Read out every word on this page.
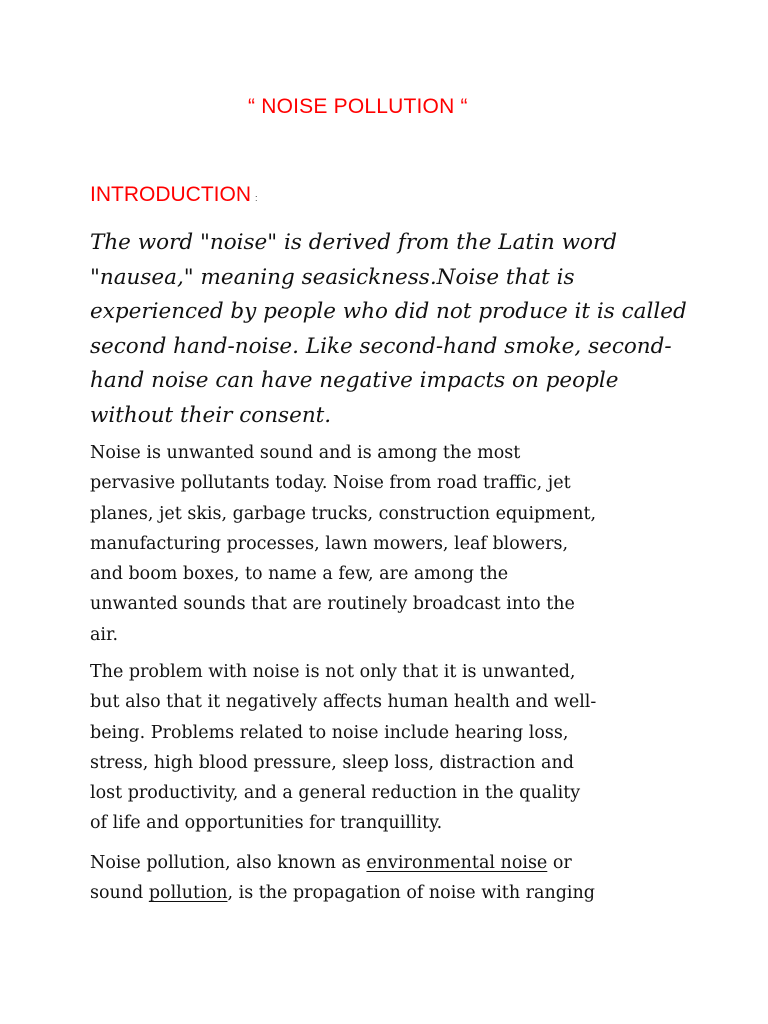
“ NOISE POLLUTION “
INTRODUCTION :

The word "noise" is derived from the Latin word
"nausea," meaning seasickness.Noise that is
experienced by people who did not produce it is called
second hand-noise. Like second-hand smoke, second-
hand noise can have negative impacts on people
without their consent.

Noise is unwanted sound and is among the most
pervasive pollutants today. Noise from road traffic, jet
planes, jet skis, garbage trucks, construction equipment,
manufacturing processes, lawn mowers, leaf blowers,
and boom boxes, to name a few, are among the
unwanted sounds that are routinely broadcast into the
air.

The problem with noise is not only that it is unwanted,
but also that it negatively affects human health and well-
being. Problems related to noise include hearing loss,
stress, high blood pressure, sleep loss, distraction and
lost productivity, and a general reduction in the quality
of life and opportunities for tranquillity.

Noise pollution, also known as environmental noise or
sound pollution, is the propagation of noise with ranging
